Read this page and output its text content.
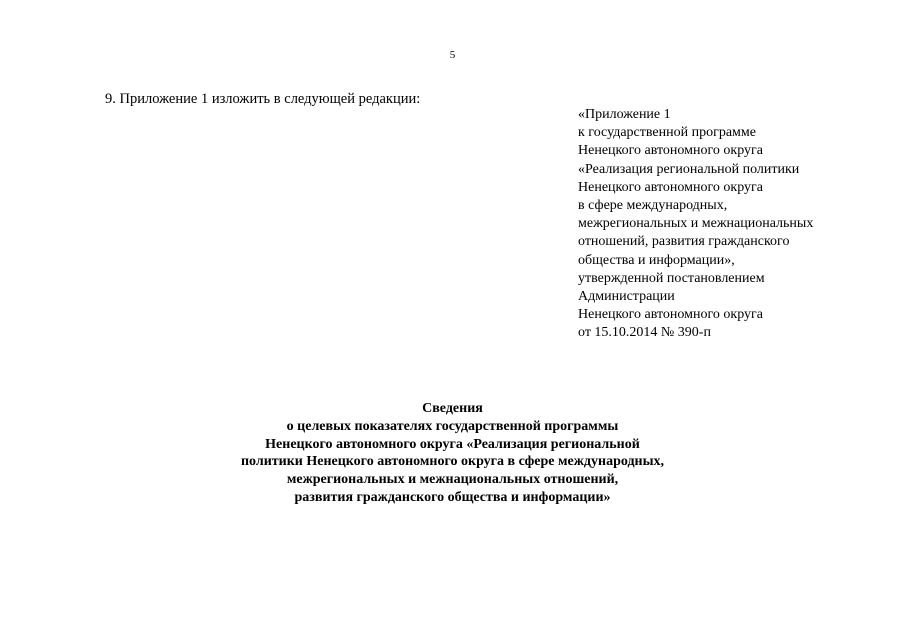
5
9. Приложение 1 изложить в следующей редакции:
«Приложение 1
к государственной программе
Ненецкого автономного округа
«Реализация региональной политики
Ненецкого автономного округа
в сфере международных,
межрегиональных и межнациональных
отношений, развития гражданского
общества и информации»,
утвержденной постановлением
Администрации
Ненецкого автономного округа
от 15.10.2014 № 390-п
Сведения
о целевых показателях государственной программы
Ненецкого автономного округа «Реализация региональной
политики Ненецкого автономного округа в сфере международных,
межрегиональных и межнациональных отношений,
развития гражданского общества и информации»
